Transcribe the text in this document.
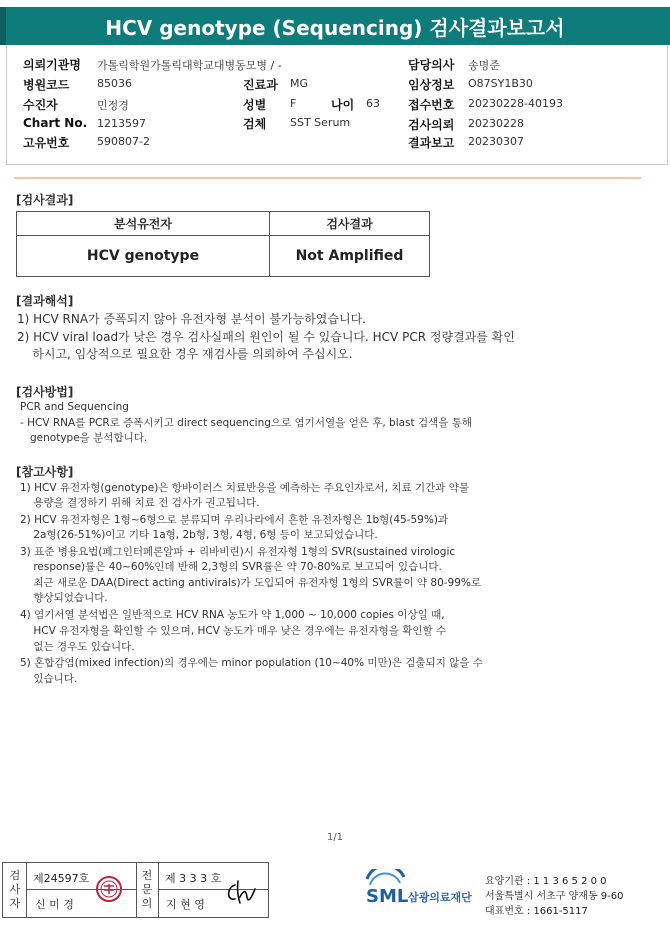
HCV genotype (Sequencing) 검사결과보고서
의뢰기관명 가톨릭학원가톨릭대학교대병동모병 / -
병원코드	85036
수진자	민정경
Chart No. 1213597
고유번호	590807-2
진료과 MG
성별 F	나이 63
검체 SST Serum
담당의사 송명준
임상정보 O87SY1B30
접수번호 20230228-40193
검사의뢰 20230228
결과보고 20230307
[검사결과]
분석유전자	검사결과
HCV genotype	Not Amplified
[결과해석]
1) HCV RNA가 증폭되지 않아 유전자형 분석이 불가능하였습니다.
2) HCV viral load가 낮은 경우 검사실패의 원인이 될 수 있습니다. HCV PCR 정량결과를 확인
하시고, 임상적으로 필요한 경우 재검사를 의뢰하여 주십시오.
[검사방법]
PCR and Sequencing
- HCV RNA를 PCR로 증폭시키고 direct sequencing으로 염기서열을 얻은 후, blast 검색을 통해
genotype을 분석합니다.
[참고사항]
1) HCV 유전자형(genotype)은 항바이러스 치료반응을 예측하는 주요인자로서, 치료 기간과 약물
용량을 결정하기 위해 치료 전 검사가 권고됩니다.
2) HCV 유전자형은 1형~6형으로 분류되며 우리나라에서 흔한 유전자형은 1b형(45-59%)과
2a형(26-51%)이고 기타 1a형, 2b형, 3형, 4형, 6형 등이 보고되었습니다.
3) 표준 병용요법(페그인터페론알파 + 리바비린)시 유전자형 1형의 SVR(sustained virologic
response)률은 40~60%인데 반해 2,3형의 SVR률은 약 70-80%로 보고되어 있습니다.
최근 새로운 DAA(Direct acting antivirals)가 도입되어 유전자형 1형의 SVR률이 약 80-99%로
향상되었습니다.
4) 염기서열 분석법은 일반적으로 HCV RNA 농도가 약 1,000 ~ 10,000 copies 이상일 때,
HCV 유전자형을 확인할 수 있으며, HCV 농도가 매우 낮은 경우에는 유전자형을 확인할 수
없는 경우도 있습니다.
5) 혼합감염(mixed infection)의 경우에는 minor population (10~40% 미만)은 검출되지 않을 수
있습니다.
1/1
검
사
자
제24597호
신 미 경
전
문
의
제 3 3 3 호
지 현 영	SML 삼광의료재단
요양기관 : 1 1 3 6 5 2 0 0
서울특별시 서초구 양재동 9-60
대표번호 : 1661-5117
